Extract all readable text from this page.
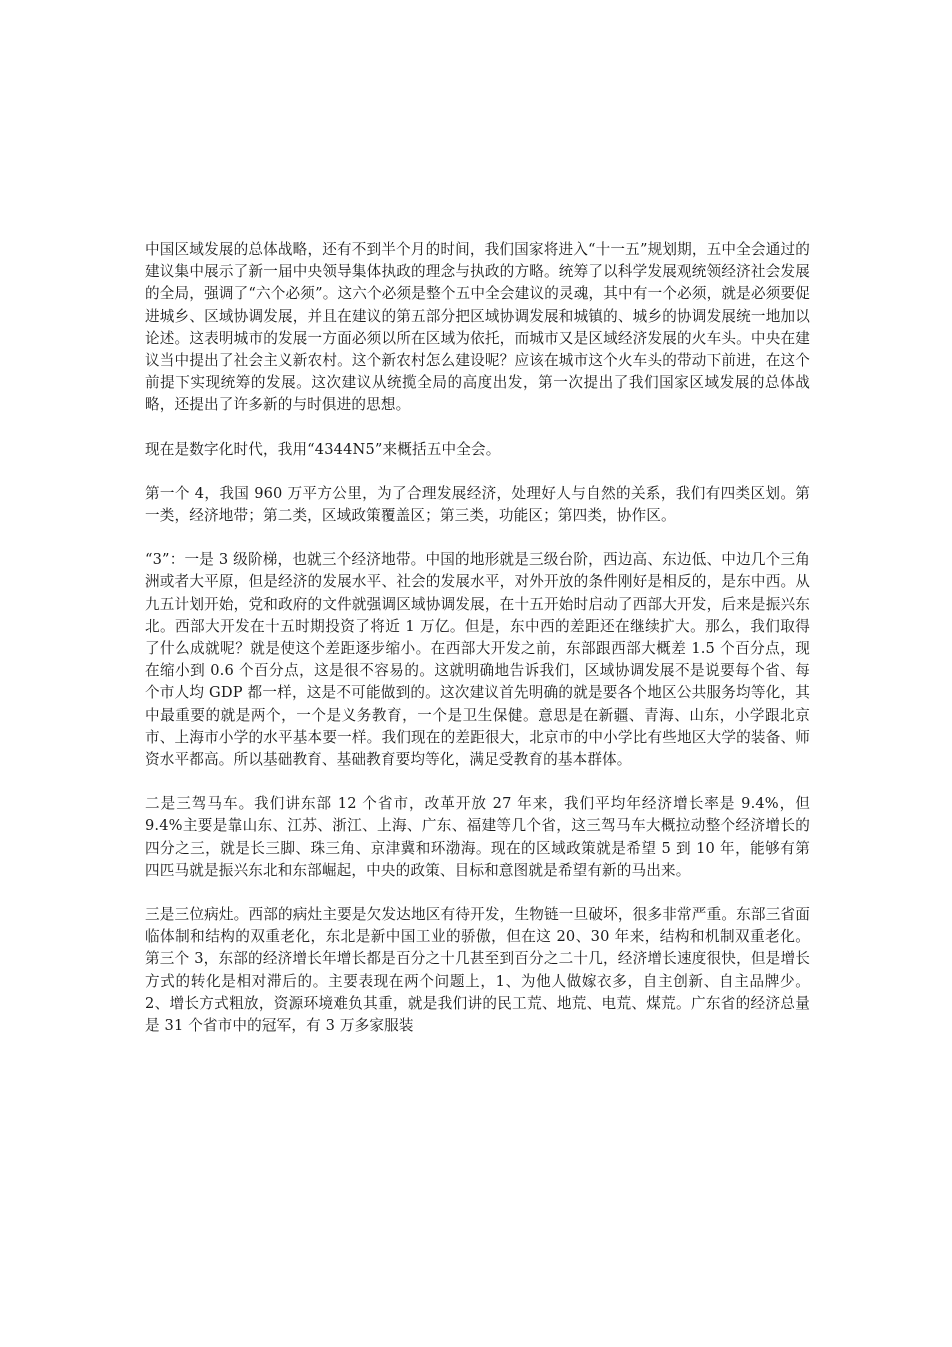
中国区域发展的总体战略，还有不到半个月的时间，我们国家将进入“十一五”规划期，五中全会通过的建议集中展示了新一届中央领导集体执政的理念与执政的方略。统筹了以科学发展观统领经济社会发展的全局，强调了“六个必须”。这六个必须是整个五中全会建议的灵魂，其中有一个必须，就是必须要促进城乡、区域协调发展，并且在建议的第五部分把区域协调发展和城镇的、城乡的协调发展统一地加以论述。这表明城市的发展一方面必须以所在区域为依托，而城市又是区域经济发展的火车头。中央在建议当中提出了社会主义新农村。这个新农村怎么建设呢？应该在城市这个火车头的带动下前进，在这个前提下实现统筹的发展。这次建议从统揽全局的高度出发，第一次提出了我们国家区域发展的总体战略，还提出了许多新的与时俱进的思想。

现在是数字化时代，我用“4344N5”来概括五中全会。

第一个 4，我国 960 万平方公里，为了合理发展经济，处理好人与自然的关系，我们有四类区划。第一类，经济地带；第二类，区域政策覆盖区；第三类，功能区；第四类，协作区。

“3”：一是 3 级阶梯，也就三个经济地带。中国的地形就是三级台阶，西边高、东边低、中边几个三角洲或者大平原，但是经济的发展水平、社会的发展水平，对外开放的条件刚好是相反的，是东中西。从九五计划开始，党和政府的文件就强调区域协调发展，在十五开始时启动了西部大开发，后来是振兴东北。西部大开发在十五时期投资了将近 1 万亿。但是，东中西的差距还在继续扩大。那么，我们取得了什么成就呢？就是使这个差距逐步缩小。在西部大开发之前，东部跟西部大概差 1.5 个百分点，现在缩小到 0.6 个百分点，这是很不容易的。这就明确地告诉我们，区域协调发展不是说要每个省、每个市人均 GDP 都一样，这是不可能做到的。这次建议首先明确的就是要各个地区公共服务均等化，其中最重要的就是两个，一个是义务教育，一个是卫生保健。意思是在新疆、青海、山东，小学跟北京市、上海市小学的水平基本要一样。我们现在的差距很大，北京市的中小学比有些地区大学的装备、师资水平都高。所以基础教育、基础教育要均等化，满足受教育的基本群体。

二是三驾马车。我们讲东部 12 个省市，改革开放 27 年来，我们平均年经济增长率是 9.4%，但 9.4%主要是靠山东、江苏、浙江、上海、广东、福建等几个省，这三驾马车大概拉动整个经济增长的四分之三，就是长三脚、珠三角、京津冀和环渤海。现在的区域政策就是希望 5 到 10 年，能够有第四匹马就是振兴东北和东部崛起，中央的政策、目标和意图就是希望有新的马出来。

三是三位病灶。西部的病灶主要是欠发达地区有待开发，生物链一旦破坏，很多非常严重。东部三省面临体制和结构的双重老化，东北是新中国工业的骄傲，但在这 20、30 年来，结构和机制双重老化。第三个 3，东部的经济增长年增长都是百分之十几甚至到百分之二十几，经济增长速度很快，但是增长方式的转化是相对滞后的。主要表现在两个问题上，1、为他人做嫁衣多，自主创新、自主品牌少。2、增长方式粗放，资源环境难负其重，就是我们讲的民工荒、地荒、电荒、煤荒。广东省的经济总量是 31 个省市中的冠军，有 3 万多家服装
